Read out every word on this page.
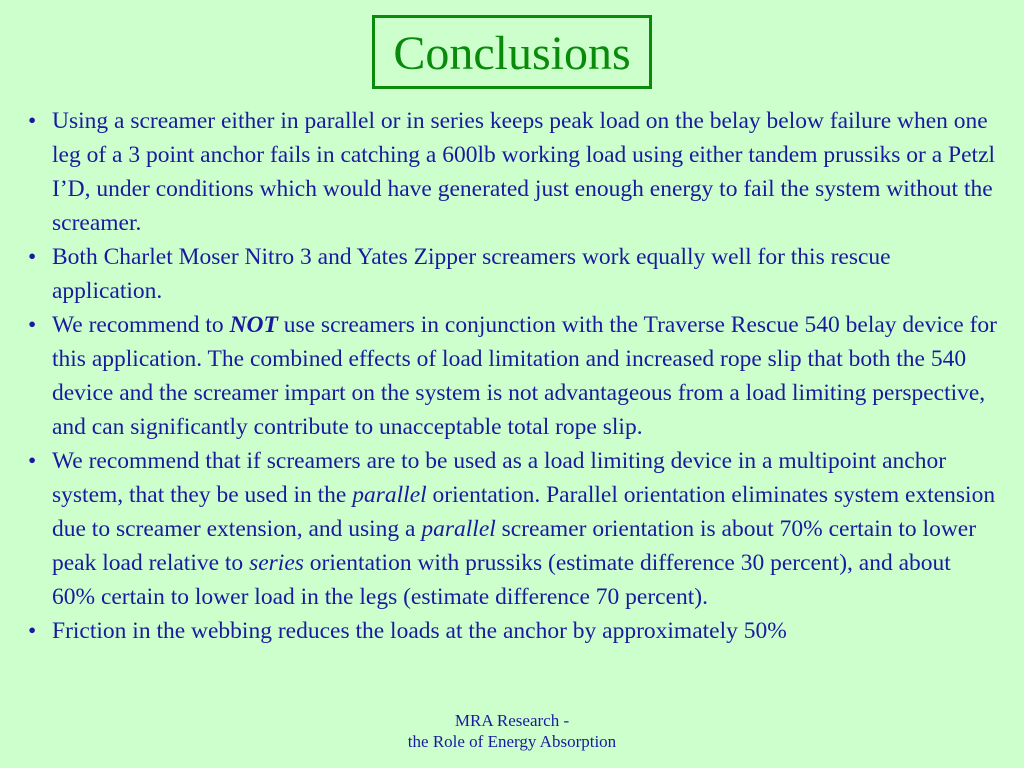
Conclusions
• Using a screamer either in parallel or in series keeps peak load on the belay below failure when one leg of a 3 point anchor fails in catching a 600lb working load using either tandem prussiks or a Petzl I’D, under conditions which would have generated just enough energy to fail the system without the screamer.
• Both Charlet Moser Nitro 3 and Yates Zipper screamers work equally well for this rescue application.
• We recommend to NOT use screamers in conjunction with the Traverse Rescue 540 belay device for this application. The combined effects of load limitation and increased rope slip that both the 540 device and the screamer impart on the system is not advantageous from a load limiting perspective, and can significantly contribute to unacceptable total rope slip.
• We recommend that if screamers are to be used as a load limiting device in a multipoint anchor system, that they be used in the parallel orientation. Parallel orientation eliminates system extension due to screamer extension, and using a parallel screamer orientation is about 70% certain to lower peak load relative to series orientation with prussiks (estimate difference 30 percent), and about 60% certain to lower load in the legs (estimate difference 70 percent).
• Friction in the webbing reduces the loads at the anchor by approximately 50%
MRA Research -
the Role of Energy Absorption
